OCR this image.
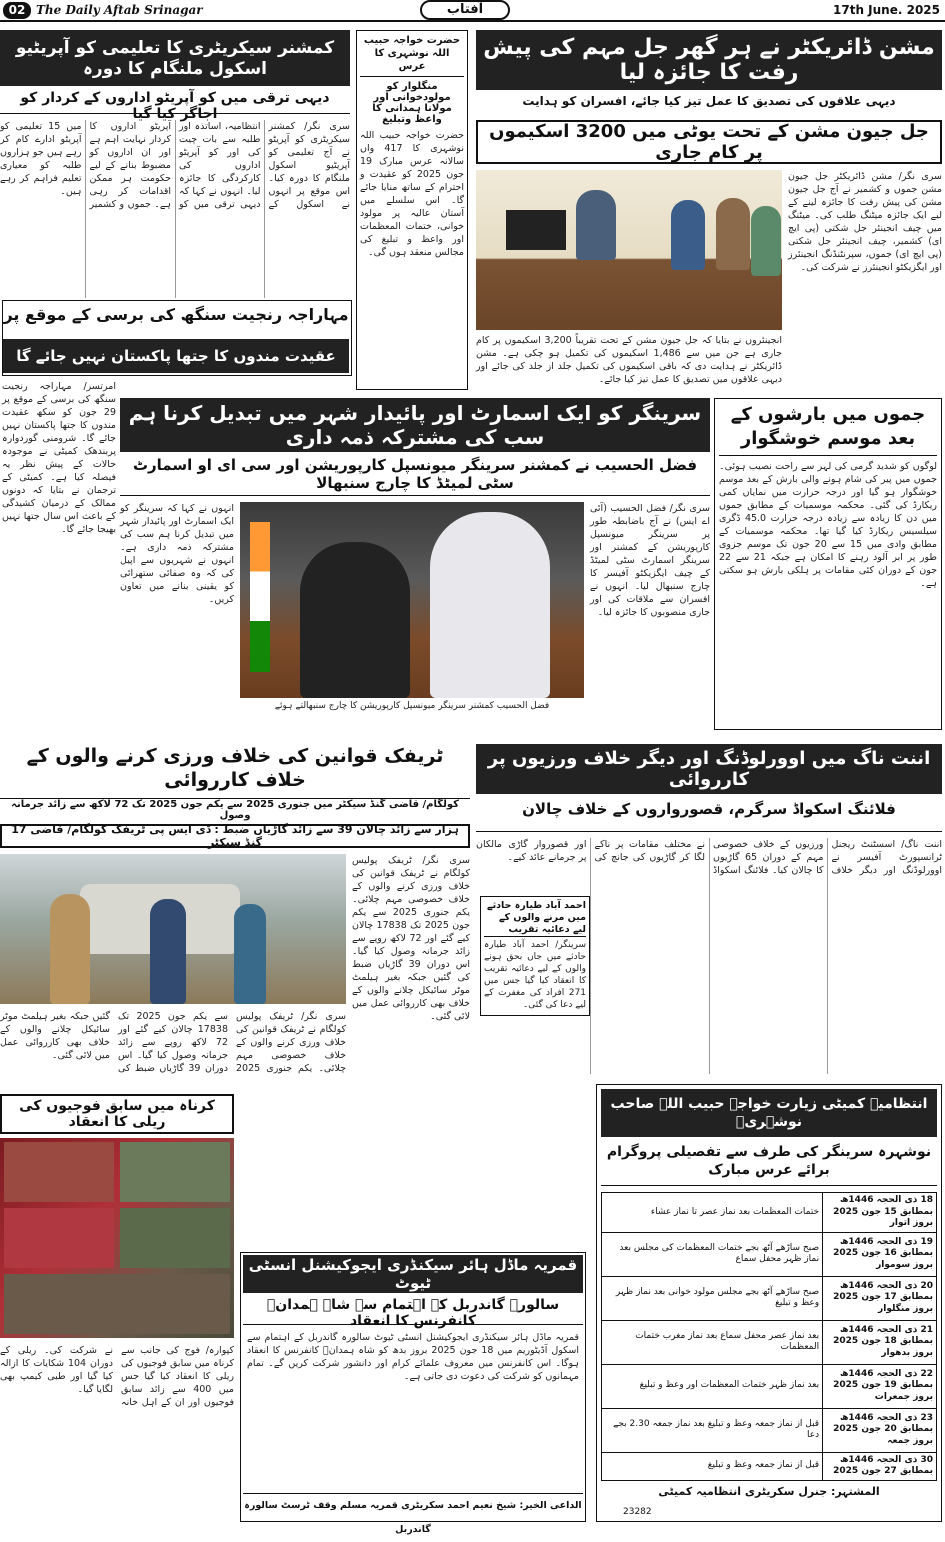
02 The Daily Aftab Srinagar	آفتاب	17th June. 2025
مشن ڈائریکٹر نے ہر گھر جل مہم کی پیش رفت کا جائزہ لیا
دیہی علاقوں کی تصدیق کا عمل تیز کیا جائے، افسران کو ہدایت
جل جیون مشن کے تحت یوٹی میں 3200 اسکیموں پر کام جاری
سری نگر/ مشن ڈائریکٹر جل جیون مشن جموں و کشمیر نے آج جل جیون مشن کی پیش رفت کا جائزہ لینے کے لیے ایک جائزہ میٹنگ طلب کی۔ میٹنگ میں چیف انجینئر جل شکتی (پی ایچ ای) کشمیر، چیف انجینئر جل شکتی (پی ایچ ای) جموں، سپرنٹنڈنگ انجینئرز اور ایگزیکٹو انجینئرز نے شرکت کی۔
انجینئروں نے بتایا کہ جل جیون مشن کے تحت تقریباً 3,200 اسکیموں پر کام جاری ہے جن میں سے 1,486 اسکیموں کی تکمیل ہو چکی ہے۔ مشن ڈائریکٹر نے ہدایت دی کہ باقی اسکیموں کی تکمیل جلد از جلد کی جائے اور دیہی علاقوں میں تصدیق کا عمل تیز کیا جائے۔
کمشنر سیکریٹری کا تعلیمی کو آپریٹیو اسکول ملنگام کا دورہ
دیہی ترقی میں کو آپریٹو اداروں کے کردار کو اجاگر کیا گیا
سری نگر/ کمشنر سیکریٹری کو آپریٹو نے آج تعلیمی کو آپریٹیو اسکول ملنگام کا دورہ کیا۔ اس موقع پر انہوں نے اسکول کے انتظامیہ، اساتذہ اور طلبہ سے بات چیت کی اور کو آپریٹو اداروں کی کارکردگی کا جائزہ لیا۔ انہوں نے کہا کہ دیہی ترقی میں کو آپریٹو اداروں کا کردار نہایت اہم ہے اور ان اداروں کو مضبوط بنانے کے لیے حکومت ہر ممکن اقدامات کر رہی ہے۔ جموں و کشمیر میں 15 تعلیمی کو آپریٹو ادارے کام کر رہے ہیں جو ہزاروں طلبہ کو معیاری تعلیم فراہم کر رہے ہیں۔
حضرت خواجہ حبیب اللہ نوشہری کا عرس
منگلوار کو مولودخوانی اور
مولانا ہمدانی کا واعظ وتبلیغ
حضرت خواجہ حبیب اللہ نوشہری کا 417 واں سالانہ عرس مبارک 19 جون 2025 کو عقیدت و احترام کے ساتھ منایا جائے گا۔ اس سلسلے میں آستان عالیہ پر مولود خوانی، ختمات المعظمات اور واعظ و تبلیغ کی مجالس منعقد ہوں گی۔
مہاراجہ رنجیت سنگھ کی برسی کے موقع پر
عقیدت مندوں کا جتھا پاکستان نہیں جائے گا
امرتسر/ مہاراجہ رنجیت سنگھ کی برسی کے موقع پر 29 جون کو سکھ عقیدت مندوں کا جتھا پاکستان نہیں جائے گا۔ شرومنی گوردوارہ پربندھک کمیٹی نے موجودہ حالات کے پیش نظر یہ فیصلہ کیا ہے۔ کمیٹی کے ترجمان نے بتایا کہ دونوں ممالک کے درمیان کشیدگی کے باعث اس سال جتھا نہیں بھیجا جائے گا۔
سرینگر کو ایک اسمارٹ اور پائیدار شہر میں تبدیل کرنا ہم سب کی مشترکہ ذمہ داری
فضل الحسیب نے کمشنر سرینگر میونسپل کارپوریشن اور سی ای او اسمارٹ سٹی لمیٹڈ کا چارج سنبھالا
سری نگر/ فضل الحسیب (آئی اے ایس) نے آج باضابطہ طور پر سرینگر میونسپل کارپوریشن کے کمشنر اور سرینگر اسمارٹ سٹی لمیٹڈ کے چیف ایگزیکٹو آفیسر کا چارج سنبھال لیا۔ انہوں نے افسران سے ملاقات کی اور جاری منصوبوں کا جائزہ لیا۔
فضل الحسیب کمشنر سرینگر میونسپل کارپوریشن کا چارج سنبھالتے ہوئے
انہوں نے کہا کہ سرینگر کو ایک اسمارٹ اور پائیدار شہر میں تبدیل کرنا ہم سب کی مشترکہ ذمہ داری ہے۔ انہوں نے شہریوں سے اپیل کی کہ وہ صفائی ستھرائی کو یقینی بنانے میں تعاون کریں۔
جموں میں بارشوں کے بعد موسم خوشگوار
لوگوں کو شدید گرمی کی لہر سے راحت نصیب ہوئی۔ جموں میں پیر کی شام ہونے والی بارش کے بعد موسم خوشگوار ہو گیا اور درجہ حرارت میں نمایاں کمی ریکارڈ کی گئی۔ محکمہ موسمیات کے مطابق جموں میں دن کا زیادہ سے زیادہ درجہ حرارت 45.0 ڈگری سیلسیس ریکارڈ کیا گیا تھا۔ محکمہ موسمیات کے مطابق وادی میں 15 سے 20 جون تک موسم جزوی طور پر ابر آلود رہنے کا امکان ہے جبکہ 21 سے 22 جون کے دوران کئی مقامات پر ہلکی بارش ہو سکتی ہے۔
ٹریفک قوانین کی خلاف ورزی کرنے والوں کے خلاف کارروائی
کولگام/ قاضی گنڈ سیکٹر میں جنوری 2025 سے یکم جون 2025 تک 72 لاکھ سے زائد جرمانہ وصول
17 ہزار سے زائد چالان 39 سے زائد گاڑیاں ضبط : ڈی ایس پی ٹریفک کولگام/ قاضی گنڈ سیکٹر
سری نگر/ ٹریفک پولیس کولگام نے ٹریفک قوانین کی خلاف ورزی کرنے والوں کے خلاف خصوصی مہم چلائی۔ یکم جنوری 2025 سے یکم جون 2025 تک 17838 چالان کیے گئے اور 72 لاکھ روپے سے زائد جرمانہ وصول کیا گیا۔ اس دوران 39 گاڑیاں ضبط کی گئیں جبکہ بغیر ہیلمٹ موٹر سائیکل چلانے والوں کے خلاف بھی کارروائی عمل میں لائی گئی۔
سری نگر/ ٹریفک پولیس کولگام نے ٹریفک قوانین کی خلاف ورزی کرنے والوں کے خلاف خصوصی مہم چلائی۔ یکم جنوری 2025 سے یکم جون 2025 تک 17838 چالان کیے گئے اور 72 لاکھ روپے سے زائد جرمانہ وصول کیا گیا۔ اس دوران 39 گاڑیاں ضبط کی گئیں جبکہ بغیر ہیلمٹ موٹر سائیکل چلانے والوں کے خلاف بھی کارروائی عمل میں لائی گئی۔
اننت ناگ میں اوورلوڈنگ اور دیگر خلاف ورزیوں پر کارروائی
فلائنگ اسکواڈ سرگرم، قصورواروں کے خلاف چالان
اننت ناگ/ اسسٹنٹ ریجنل ٹرانسپورٹ آفیسر نے اوورلوڈنگ اور دیگر خلاف ورزیوں کے خلاف خصوصی مہم کے دوران 65 گاڑیوں کا چالان کیا۔ فلائنگ اسکواڈ نے مختلف مقامات پر ناکے لگا کر گاڑیوں کی جانچ کی اور قصوروار گاڑی مالکان پر جرمانے عائد کیے۔
احمد آباد طیارہ حادثے میں مرنے والوں کے لیے دعائیہ تقریب
سرینگر/ احمد آباد طیارہ حادثے میں جاں بحق ہونے والوں کے لیے دعائیہ تقریب کا انعقاد کیا گیا جس میں 271 افراد کی مغفرت کے لیے دعا کی گئی۔
کرناہ میں سابق فوجیوں کی ریلی کا انعقاد
کپوارہ/ فوج کی جانب سے کرناہ میں سابق فوجیوں کی ریلی کا انعقاد کیا گیا جس میں 400 سے زائد سابق فوجیوں اور ان کے اہل خانہ نے شرکت کی۔ ریلی کے دوران 104 شکایات کا ازالہ کیا گیا اور طبی کیمپ بھی لگایا گیا۔
قمریہ ماڈل ہائر سیکنڈری ایجوکیشنل انسٹی ٹیوٹ
سالورہ گاندربل کے اہتمام سے شاہ ہمدانؒ کانفرنس کا انعقاد
قمریہ ماڈل ہائر سیکنڈری ایجوکیشنل انسٹی ٹیوٹ سالورہ گاندربل کے اہتمام سے اسکول آڈیٹوریم میں 18 جون 2025 بروز بدھ کو شاہ ہمدانؒ کانفرنس کا انعقاد ہوگا۔ اس کانفرنس میں معروف علمائے کرام اور دانشور شرکت کریں گے۔ تمام مہمانوں کو شرکت کی دعوت دی جاتی ہے۔
الداعی الخیر: شیخ نعیم احمد سکریٹری قمریہ مسلم وقف ٹرسٹ سالورہ گاندربل
انتظامیہ کمیٹی زیارت خواجہ حبیب اللہ صاحب نوشہریؒ
نوشہرہ سرینگر کی طرف سے تفصیلی پروگرام برائے عرس مبارک
18 ذی الحجہ 1446ھ بمطابق 15 جون 2025 بروز اتوار	ختمات المعظمات بعد نماز عصر تا نماز عشاء
19 ذی الحجہ 1446ھ بمطابق 16 جون 2025 بروز سوموار	صبح ساڑھے آٹھ بجے ختمات المعظمات کی مجلس بعد نماز ظہر محفل سماع
20 ذی الحجہ 1446ھ بمطابق 17 جون 2025 بروز منگلوار	صبح ساڑھے آٹھ بجے مجلس مولود خوانی بعد نماز ظہر وعظ و تبلیغ
21 ذی الحجہ 1446ھ بمطابق 18 جون 2025 بروز بدھوار	بعد نماز عصر محفل سماع بعد نماز مغرب ختمات المعظمات
22 ذی الحجہ 1446ھ بمطابق 19 جون 2025 بروز جمعرات	بعد نماز ظہر ختمات المعظمات اور وعظ و تبلیغ
23 ذی الحجہ 1446ھ بمطابق 20 جون 2025 بروز جمعہ	قبل از نماز جمعہ وعظ و تبلیغ بعد نماز جمعہ 2.30 بجے دعا
30 ذی الحجہ 1446ھ بمطابق 27 جون 2025	قبل از نماز جمعہ وعظ و تبلیغ
المشتہر: جنرل سکریٹری انتظامیہ کمیٹی
23282
